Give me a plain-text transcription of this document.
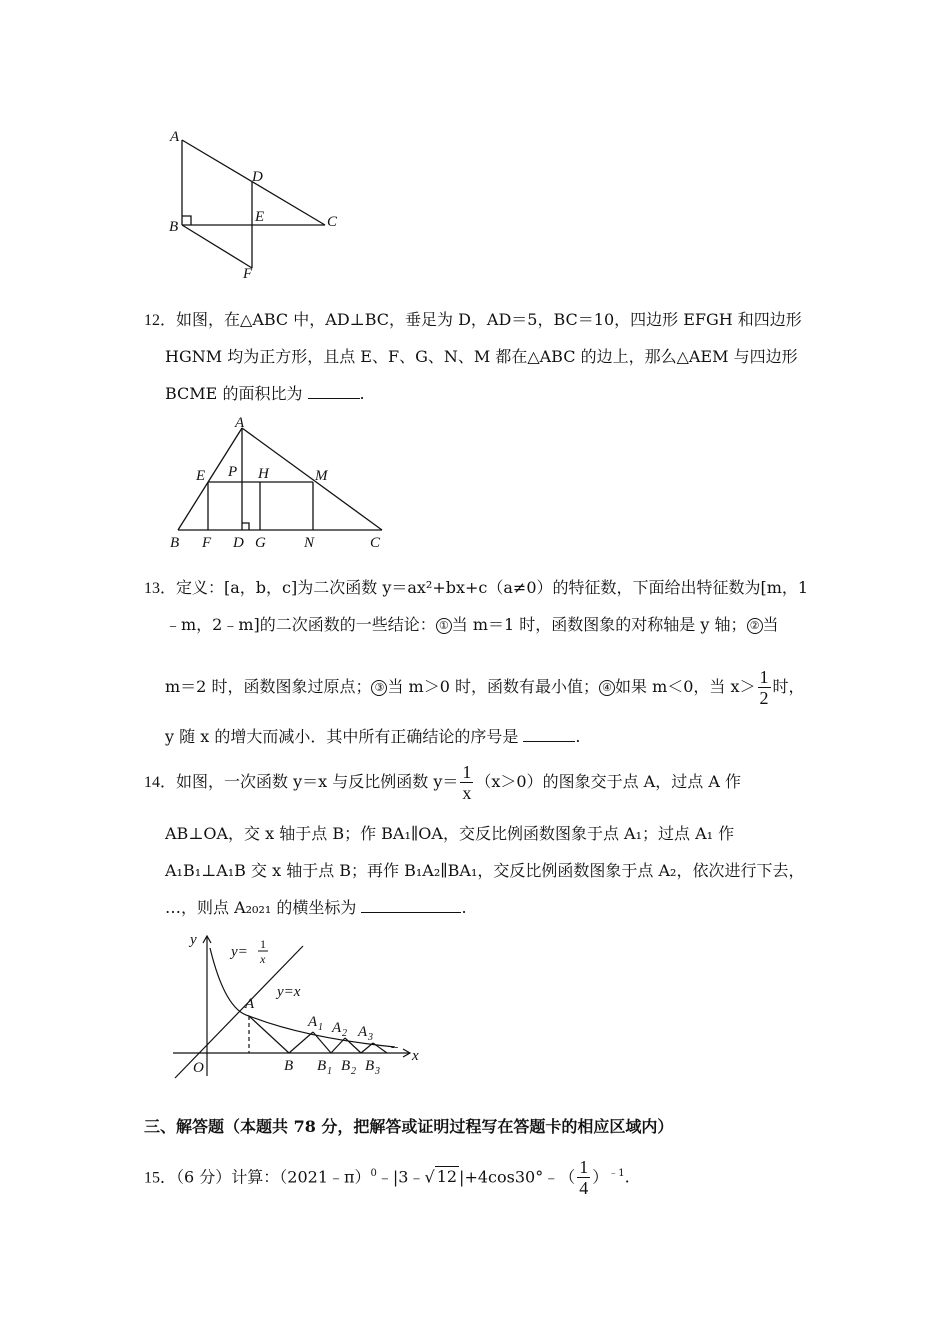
A
D
B
E	C
F
12．如图，在△ABC 中，AD⊥BC，垂足为 D，AD＝5，BC＝10，四边形 EFGH 和四边形
HGNM 均为正方形，且点 E、F、G、N、M 都在△ABC 的边上，那么△AEM 与四边形
BCME 的面积比为	.
A
E P H	M
B F D G	N	C
13．定义：[a，b，c]为二次函数 y＝ax²+bx+c（a≠0）的特征数，下面给出特征数为[m，1
﹣m，2﹣m]的二次函数的一些结论： ① 当 m＝1 时，函数图象的对称轴是 y 轴； ② 当
m＝2 时，函数图象过原点； ③ 当 m＞0 时，函数有最小值； ④ 如果 m＜0，当 $x> \frac{1}{2}$ 时，
y 随 x 的增大而减小．其中所有正确结论的序号是	.
14．如图，一次函数 y＝x 与反比例函数 $y= \frac{1}{x} (x>0)$的图象交于点 A，过点 A 作
AB⊥OA，交 x 轴于点 B；作 BA₁∥OA，交反比例函数图象于点 A₁；过点 A₁ 作
A₁B₁⊥A₁B 交 x 轴于点 B；再作 B₁A₂∥BA₁，交反比例函数图象于点 A₂，依次进行下去，
…，则点 A₂₀₂₁ 的横坐标为	.
y
x
O
y= 1
x
y=x
A
B
A 1 A 2 A 3
B 1 B 2 B 3
--
三、解答题（本题共 78 分，把解答或证明过程写在答题卡的相应区域内）
15．（6 分）计算：（2021﹣π）$^0$﹣|3﹣√ 12 |+4cos30°﹣（ $\frac{1}{4} )^{﹣1}$.
